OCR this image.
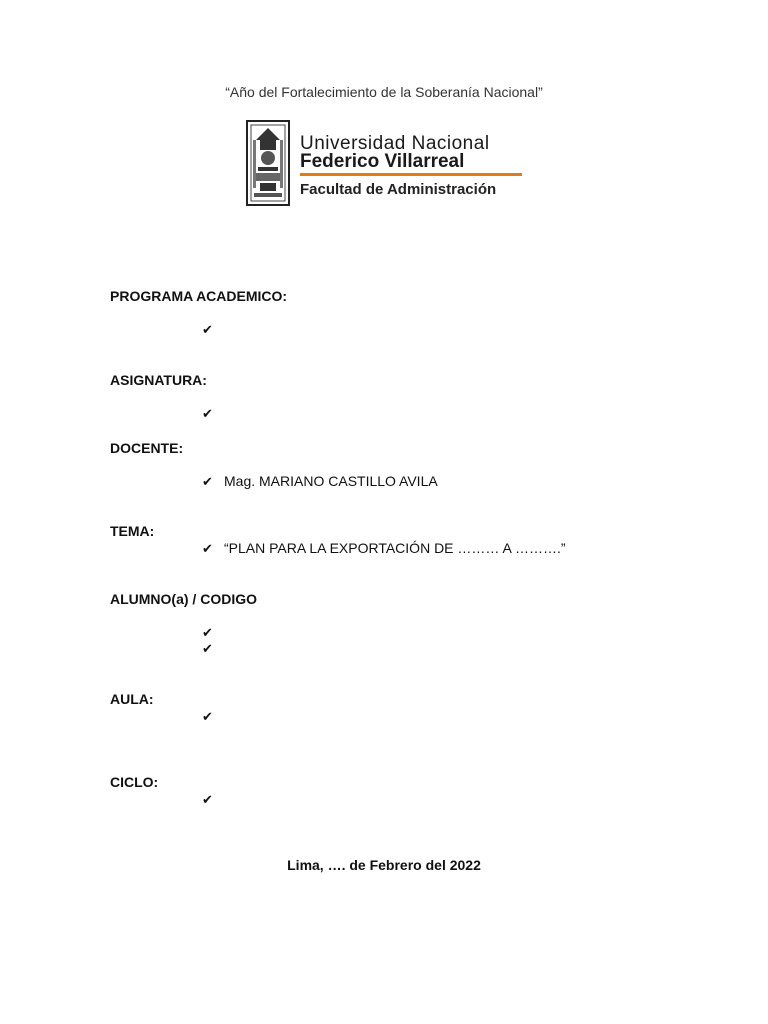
“Año del Fortalecimiento de la Soberanía Nacional”
Universidad Nacional
Federico Villarreal
Facultad de Administración
PROGRAMA ACADEMICO:
✔
ASIGNATURA:
✔
DOCENTE:
✔ Mag. MARIANO CASTILLO AVILA
TEMA:
✔ “PLAN PARA LA EXPORTACIÓN DE ……… A ……….”
ALUMNO(a) / CODIGO
✔
✔
AULA:
✔
CICLO:
✔
Lima, …. de Febrero del 2022
